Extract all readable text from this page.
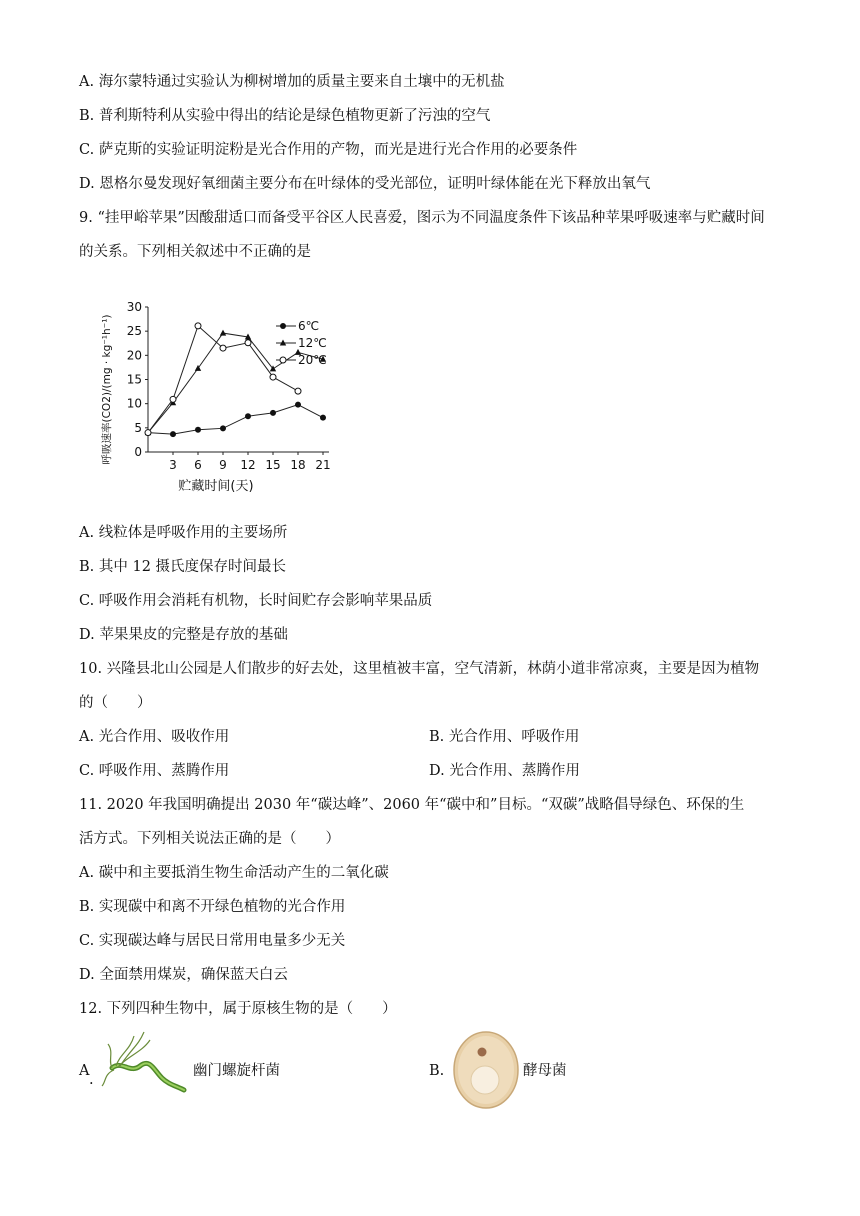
A. 海尔蒙特通过实验认为柳树增加的质量主要来自土壤中的无机盐
B. 普利斯特利从实验中得出的结论是绿色植物更新了污浊的空气
C. 萨克斯的实验证明淀粉是光合作用的产物，而光是进行光合作用的必要条件
D. 恩格尔曼发现好氧细菌主要分布在叶绿体的受光部位，证明叶绿体能在光下释放出氧气
9. “挂甲峪苹果”因酸甜适口而备受平谷区人民喜爱，图示为不同温度条件下该品种苹果呼吸速率与贮藏时间
的关系。下列相关叙述中不正确的是
0
5
10
15
20
25
30
3 6 9 12 15 18 21
贮藏时间(天)
呼吸速率(CO2)/(mg · kg⁻¹h⁻¹)	6℃
12℃
20℃
A. 线粒体是呼吸作用的主要场所
B. 其中 12 摄氏度保存时间最长
C. 呼吸作用会消耗有机物，长时间贮存会影响苹果品质
D. 苹果果皮的完整是存放的基础
10. 兴隆县北山公园是人们散步的好去处，这里植被丰富，空气清新，林荫小道非常凉爽，主要是因为植物
的（　　）
A. 光合作用、吸收作用	B. 光合作用、呼吸作用
C. 呼吸作用、蒸腾作用	D. 光合作用、蒸腾作用
11. 2020 年我国明确提出 2030 年“碳达峰”、2060 年“碳中和”目标。“双碳”战略倡导绿色、环保的生
活方式。下列相关说法正确的是（　　）
A. 碳中和主要抵消生物生命活动产生的二氧化碳
B. 实现碳中和离不开绿色植物的光合作用
C. 实现碳达峰与居民日常用电量多少无关
D. 全面禁用煤炭，确保蓝天白云
12. 下列四种生物中，属于原核生物的是（　　）
A
.
幽门螺旋杆菌	B.	酵母菌
